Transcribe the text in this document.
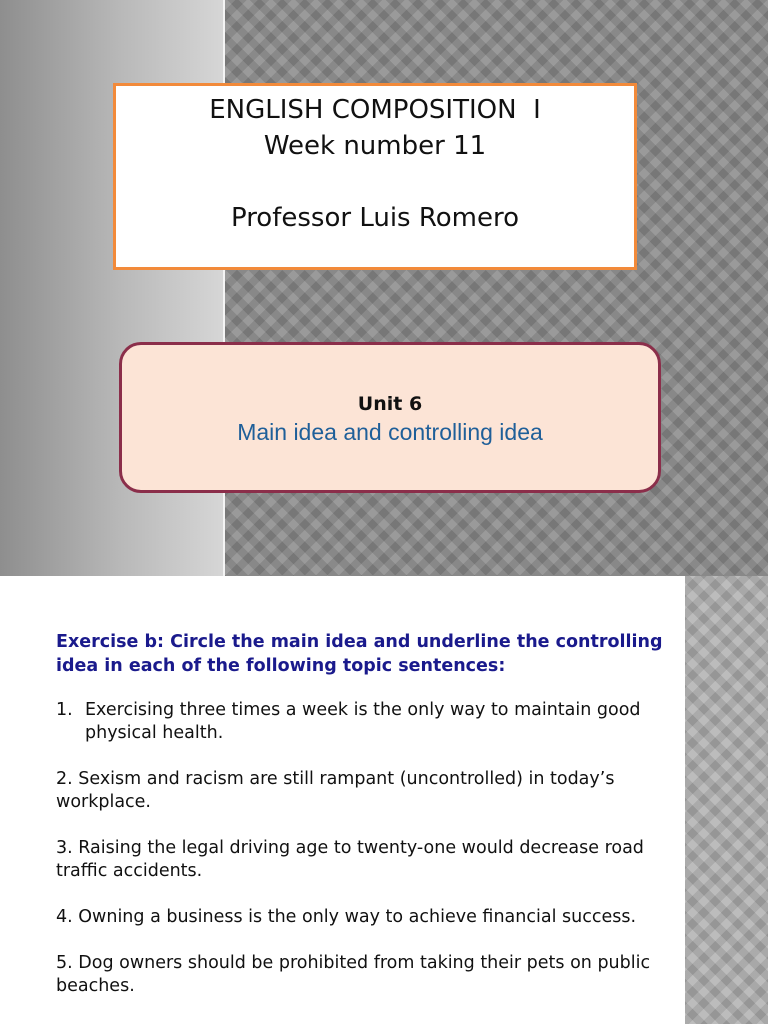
ENGLISH COMPOSITION  I
Week number 11
Professor Luis Romero
Unit 6
Main idea and controlling idea
Exercise b: Circle the main idea and underline the controlling idea in each of the following topic sentences:
1. Exercising three times a week is the only way to maintain good physical health.
2. Sexism and racism are still rampant (uncontrolled) in today’s workplace.
3. Raising the legal driving age to twenty-one would decrease road traffic accidents.
4. Owning a business is the only way to achieve financial success.
5. Dog owners should be prohibited from taking their pets on public beaches.
